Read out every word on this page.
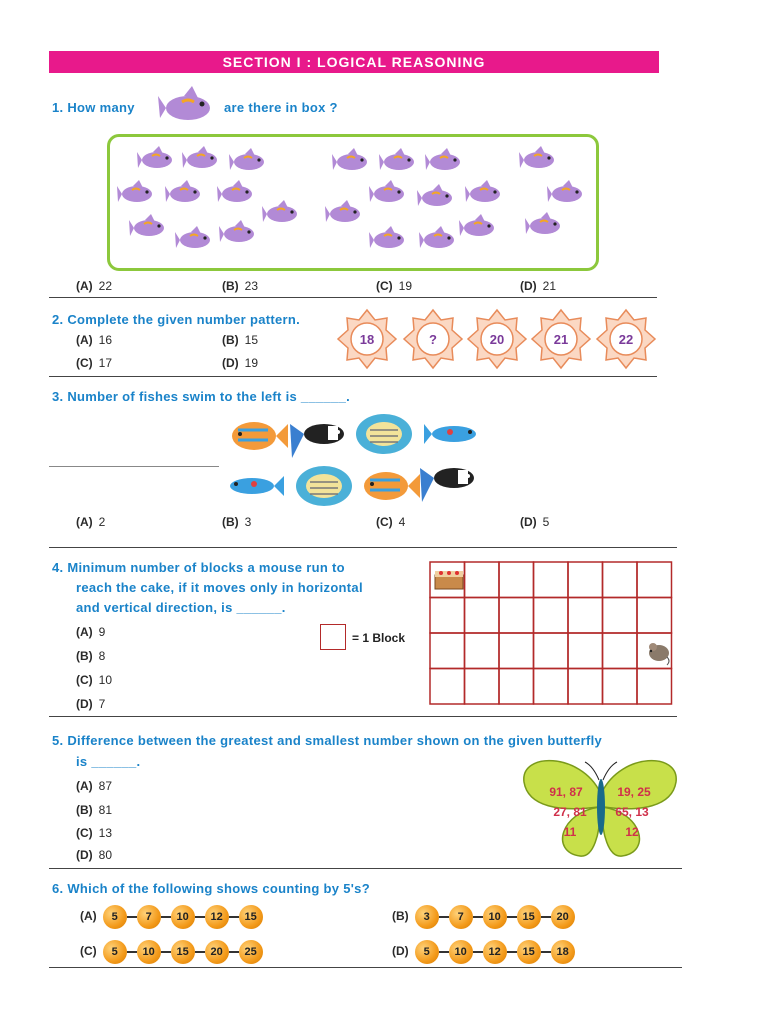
SECTION I : LOGICAL REASONING
1. How many	are there in box ?
(A) 22	(B) 23	(C) 19	(D) 21
2. Complete the given number pattern.
(A) 16	(B) 15
(C) 17	(D) 19
18	?	20	21	22
3. Number of fishes swim to the left is ______.
(A) 2	(B) 3	(C) 4	(D) 5
4. Minimum number of blocks a mouse run to
reach the cake, if it moves only in horizontal
and vertical direction, is ______.
(A) 9
(B) 8
(C) 10
(D) 7
= 1 Block
5. Difference between the greatest and smallest number shown on the given butterfly
is ______.
(A) 87
(B) 81
(C) 13
(D) 80
91, 87
27, 81
11
19, 25
65, 13
12
6. Which of the following shows counting by 5's?
(A) 5	7 10 12 15	(B) 3	7 10 15 20
(C) 5 10 15 20 25	(D) 5 10 12 15 18
